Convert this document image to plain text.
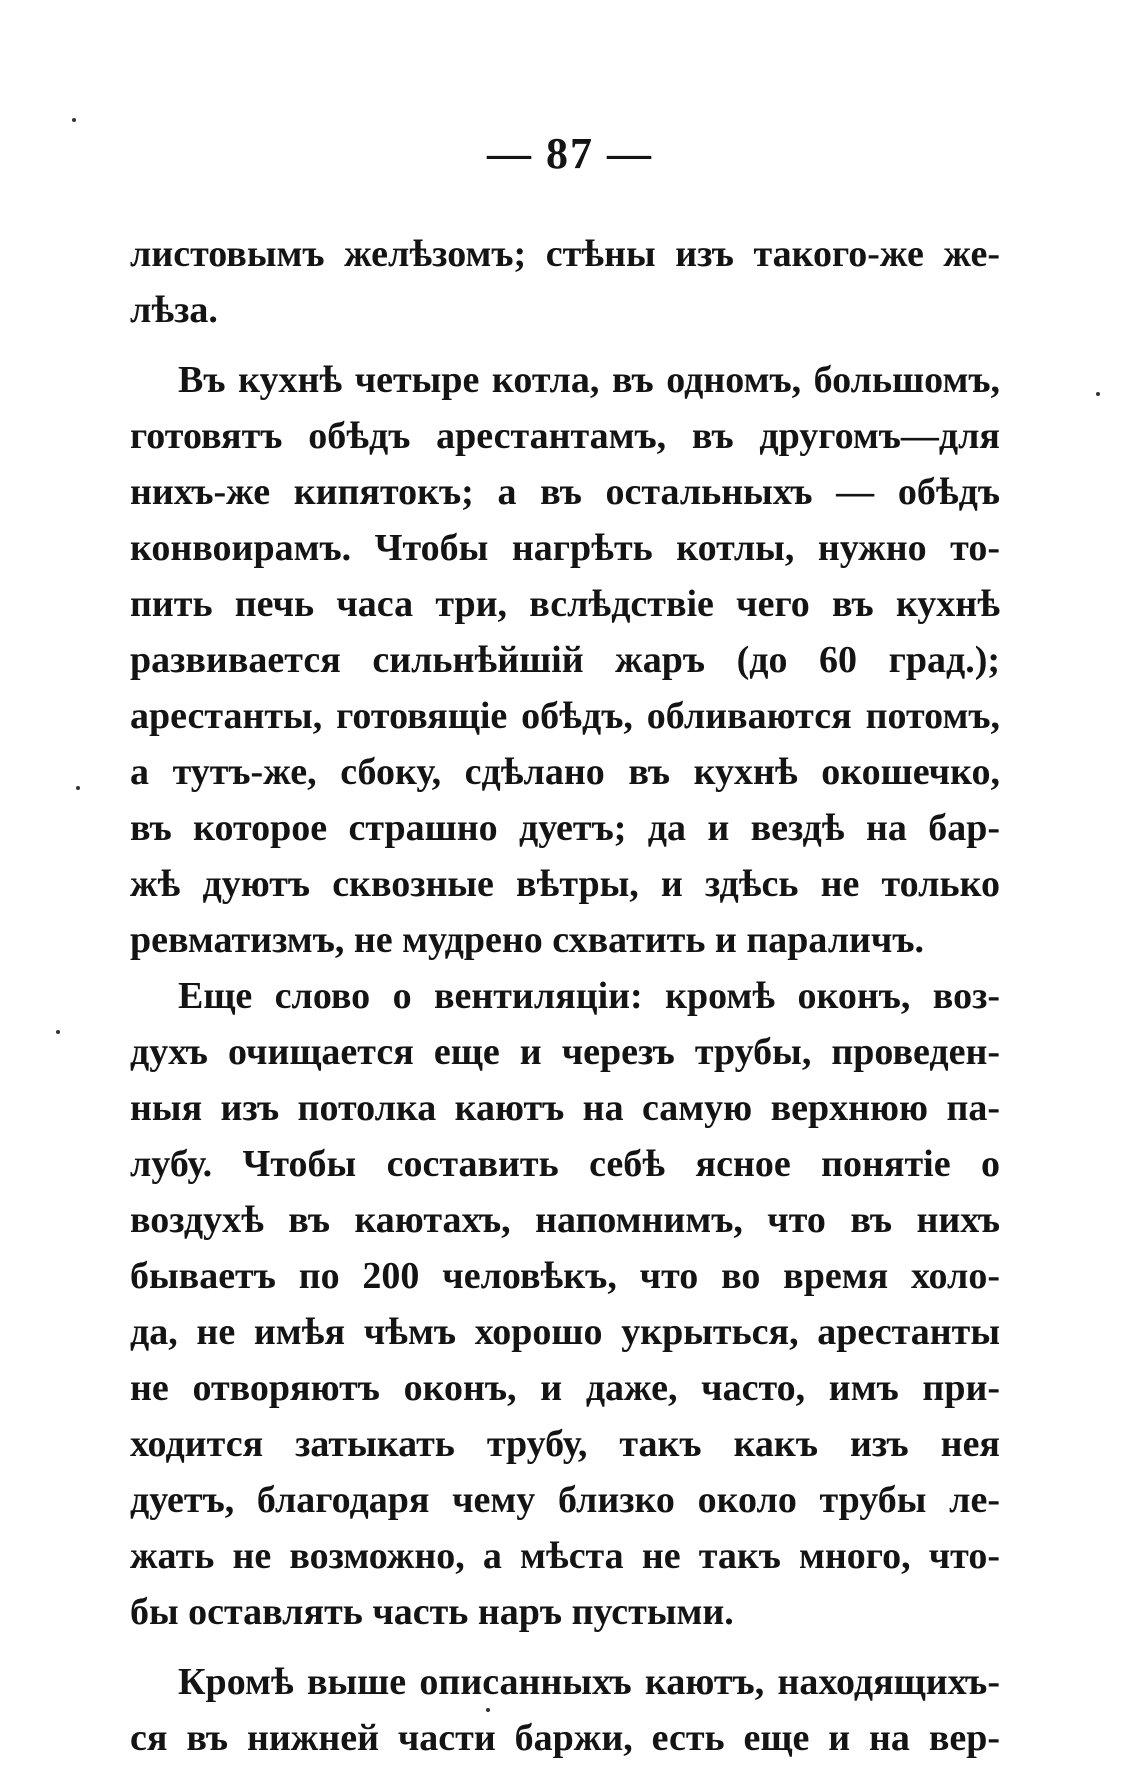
— 87 —
листовымъ желѣзомъ; стѣны изъ такого-же же-
лѣза.
Въ кухнѣ четыре котла, въ одномъ, большомъ,
готовятъ обѣдъ арестантамъ, въ другомъ—для
нихъ-же кипятокъ; а въ остальныхъ — обѣдъ
конвоирамъ. Чтобы нагрѣть котлы, нужно то-
пить печь часа три, вслѣдствіе чего въ кухнѣ
развивается сильнѣйшій жаръ (до 60 град.);
арестанты, готовящіе обѣдъ, обливаются потомъ,
а тутъ-же, сбоку, сдѣлано въ кухнѣ окошечко,
въ которое страшно дуетъ; да и вездѣ на бар-
жѣ дуютъ сквозные вѣтры, и здѣсь не только
ревматизмъ, не мудрено схватить и параличъ.
Еще слово о вентиляціи: кромѣ оконъ, воз-
духъ очищается еще и черезъ трубы, проведен-
ныя изъ потолка каютъ на самую верхнюю па-
лубу. Чтобы составить себѣ ясное понятіе о
воздухѣ въ каютахъ, напомнимъ, что въ нихъ
бываетъ по 200 человѣкъ, что во время холо-
да, не имѣя чѣмъ хорошо укрыться, арестанты
не отворяютъ оконъ, и даже, часто, имъ при-
ходится затыкать трубу, такъ какъ изъ нея
дуетъ, благодаря чему близко около трубы ле-
жать не возможно, а мѣста не такъ много, что-
бы оставлять часть наръ пустыми.
Кромѣ выше описанныхъ каютъ, находящихъ-
ся въ нижней части баржи, есть еще и на вер-
